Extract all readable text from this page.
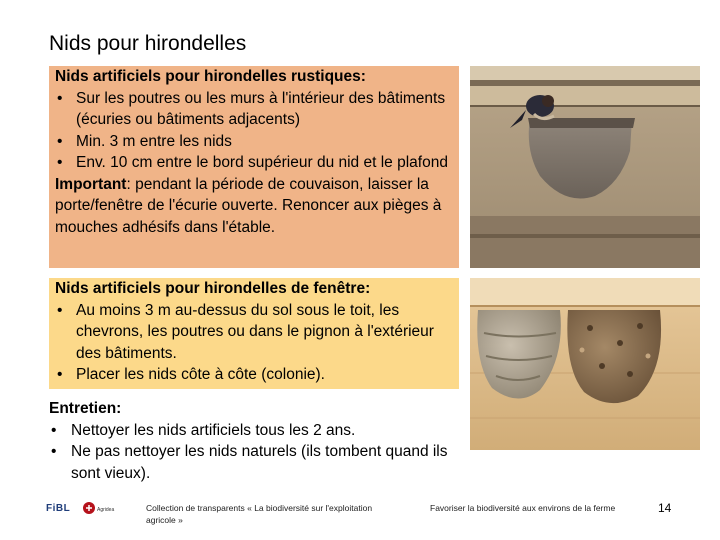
Nids pour hirondelles
Nids artificiels pour hirondelles rustiques:
• Sur les poutres ou les murs à l'intérieur des bâtiments (écuries ou bâtiments adjacents)
• Min. 3 m entre les nids
• Env. 10 cm entre le bord supérieur du nid et le plafond
Important: pendant la période de couvaison, laisser la porte/fenêtre de l'écurie ouverte. Renoncer aux pièges à mouches adhésifs dans l'étable.
Nids artificiels pour hirondelles de fenêtre:
• Au moins 3 m au-dessus du sol sous le toit, les chevrons, les poutres ou dans le pignon à l'extérieur des bâtiments.
• Placer les nids côte à côte (colonie).
Entretien:
• Nettoyer les nids artificiels tous les 2 ans.
• Ne pas nettoyer les nids naturels (ils tombent quand ils sont vieux).
FiBL	Agridea	Collection de transparents « La biodiversité sur l'exploitation agricole »
Favoriser la biodiversité aux environs de la ferme	14
